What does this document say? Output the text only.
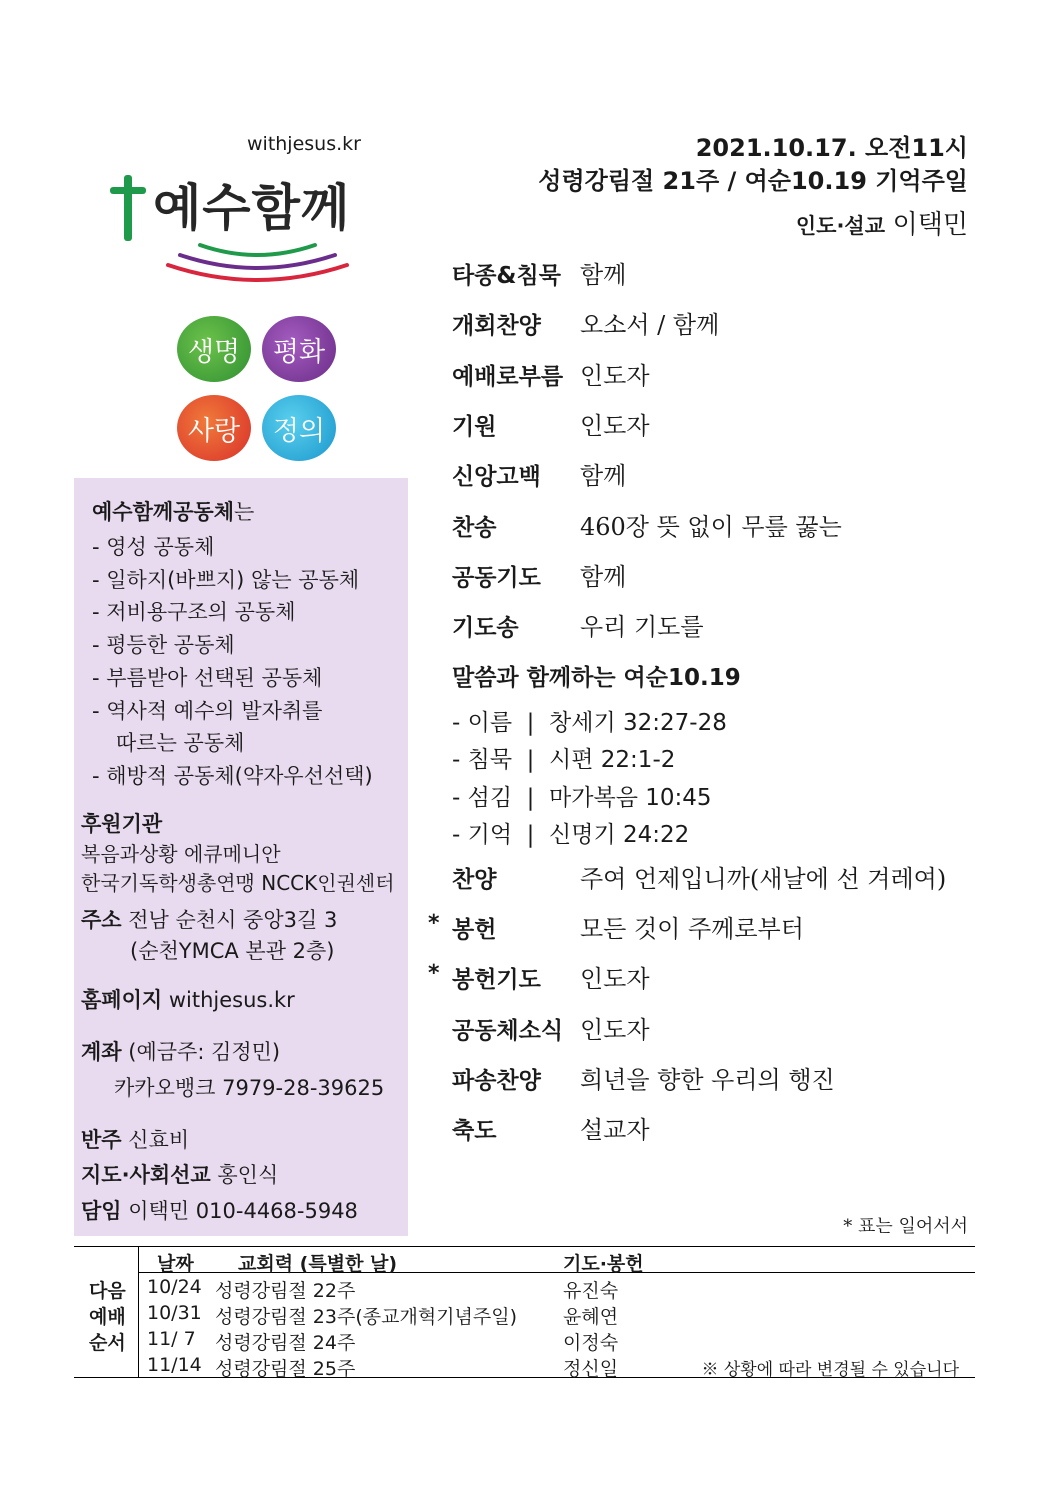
withjesus.kr
예수함께
생명	평화
사랑	정의
예수함께공동체는
- 영성 공동체
- 일하지(바쁘지) 않는 공동체
- 저비용구조의 공동체
- 평등한 공동체
- 부름받아 선택된 공동체
- 역사적 예수의 발자취를
따르는 공동체
- 해방적 공동체(약자우선선택)
후원기관
복음과상황 에큐메니안
한국기독학생총연맹 NCCK인권센터
주소 전남 순천시 중앙3길 3
(순천YMCA 본관 2층)
홈페이지 withjesus.kr
계좌 (예금주: 김정민)
카카오뱅크 7979-28-39625
반주 신효비
지도·사회선교 홍인식
담임 이택민 010-4468-5948
2021.10.17. 오전11시
성령강림절 21주 / 여순10.19 기억주일
인도·설교 이택민
타종&침묵 함께
개회찬양 오소서 / 함께
예배로부름 인도자
기원	인도자
신앙고백 함께
찬송	460장 뜻 없이 무릎 꿇는
공동기도 함께
기도송	우리 기도를
말씀과 함께하는 여순10.19
- 이름  |  창세기 32:27-28
- 침묵  |  시편 22:1-2
- 섬김  |  마가복음 10:45
- 기억  |  신명기 24:22
찬양	주여 언제입니까(새날에 선 겨레여)
* 봉헌	모든 것이 주께로부터
* 봉헌기도 인도자
공동체소식 인도자
파송찬양 희년을 향한 우리의 행진
축도	설교자
* 표는 일어서서
날짜 교회력 (특별한 날)	기도·봉헌
다음
예배
순서
10/24 성령강림절 22주	유진숙
10/31 성령강림절 23주(종교개혁기념주일) 윤혜연
11/ 7 성령강림절 24주	이정숙
11/14 성령강림절 25주	정신일	※ 상황에 따라 변경될 수 있습니다
